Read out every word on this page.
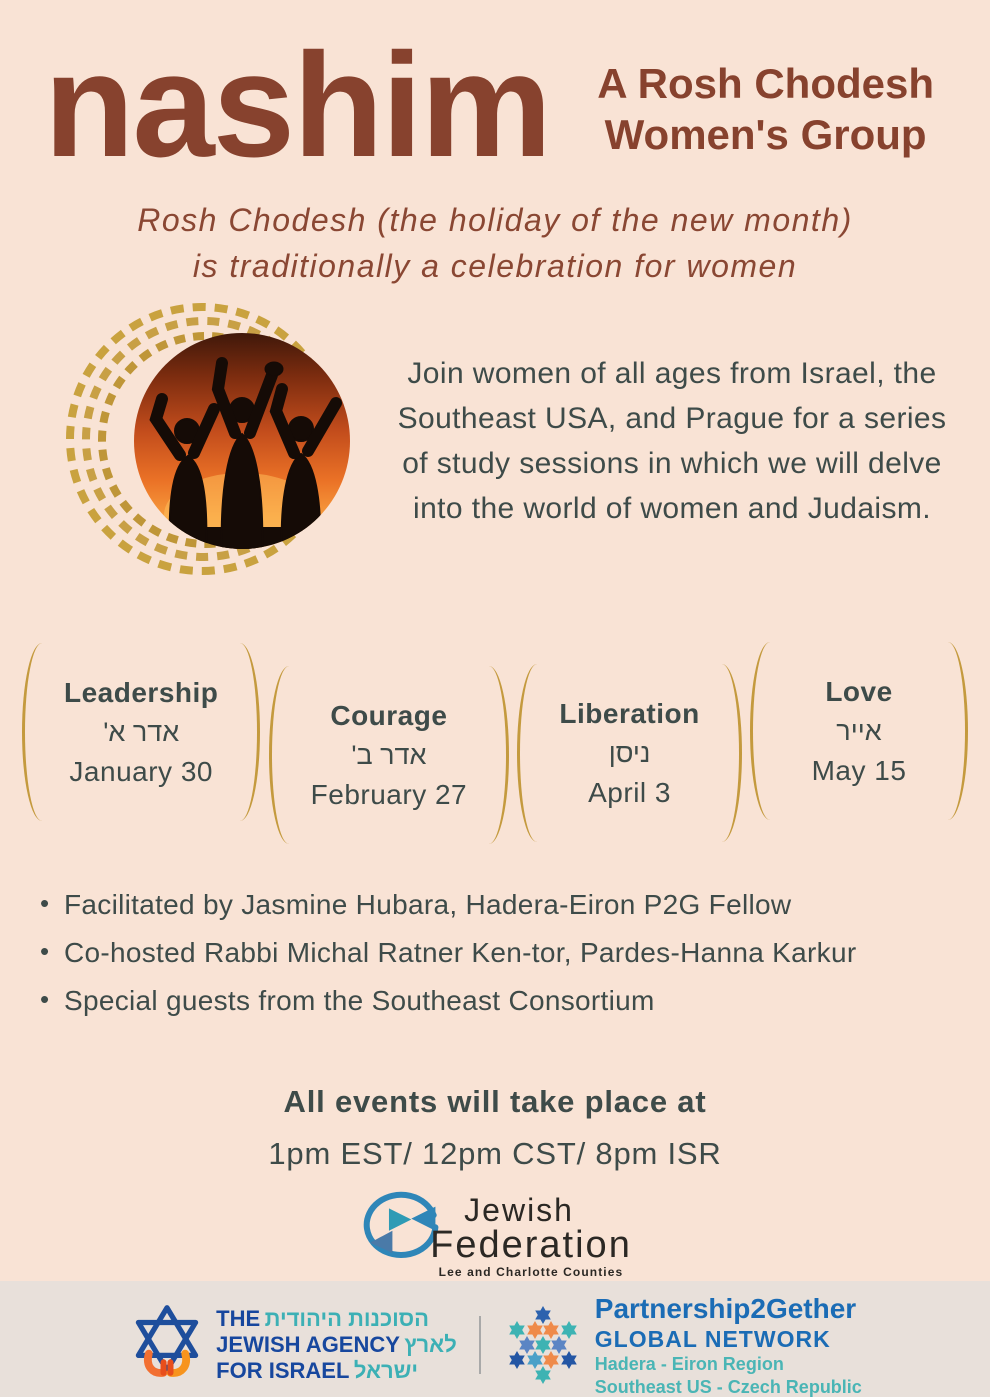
nashim A Rosh Chodesh
Women's Group
Rosh Chodesh (the holiday of the new month)
is traditionally a celebration for women

Join women of all ages from Israel, the Southeast USA, and Prague for a series of study sessions in which we will delve into the world of women and Judaism.

Leadership
אדר א'
January 30
Courage
אדר ב'
February 27
Liberation
ניסן
April 3
Love
אייר
May 15
• Facilitated by Jasmine Hubara, Hadera-Eiron P2G Fellow
• Co-hosted Rabbi Michal Ratner Ken-tor, Pardes-Hanna Karkur
• Special guests from the Southeast Consortium
All events will take place at
1pm EST/ 12pm CST/ 8pm ISR
Jewish
Federation
Lee and Charlotte Counties
THE הסוכנות היהודית
JEWISH AGENCY לארץ
FOR ISRAEL ישראל
Partnership2Gether
GLOBAL NETWORK
Hadera - Eiron Region
Southeast US - Czech Republic
